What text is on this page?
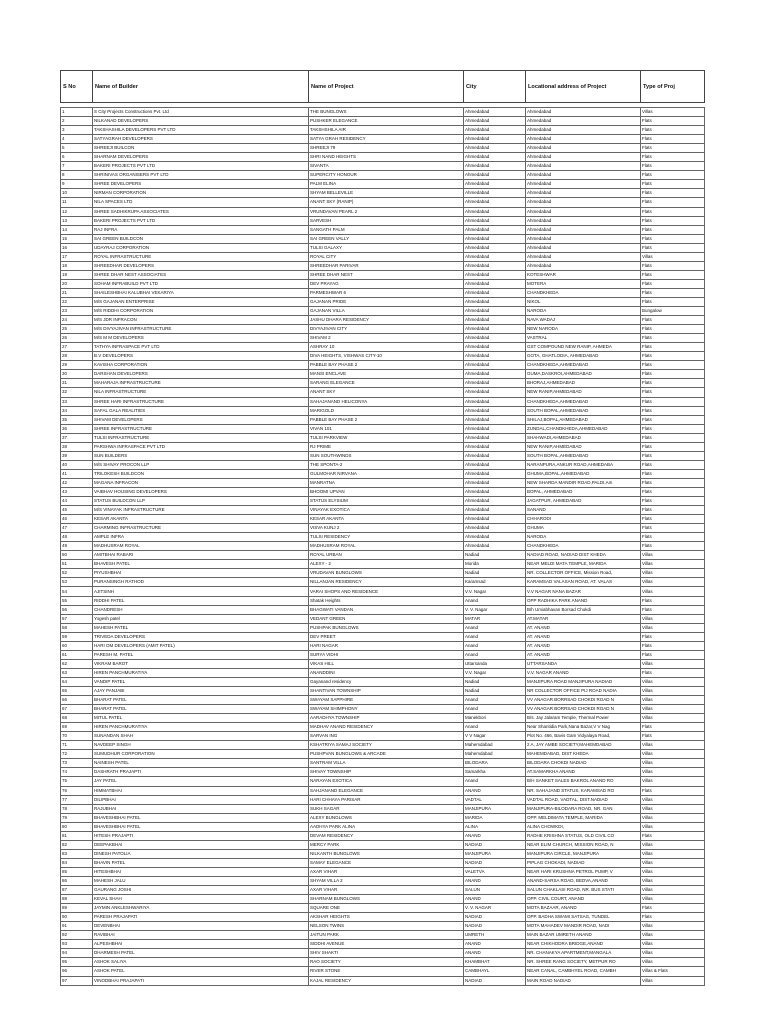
S No	Name of Builder	Name of Project	City	Locational address of Project	Type of Proj

1	S City Projects Constructions Pvt. Ltd	THE BUNGLOWS	Ahmedabad	Ahmedabad	Villas
2	NILKANAD DEVELOPERS	PUSHKER ELEGANCE	Ahmedabad	Ahmedabad	Flats
3	TAKSHASHILA DEVELOPERS PVT LTD	TAKSHSHILA AIR	Ahmedabad	Ahmedabad	Flats
4	SATYAGRAH DEVELOPERS	SATYA GRAH RESIDENCY	Ahmedabad	Ahmedabad	Flats
5	SHREEJI BUILCON	SHREEJI 79	Ahmedabad	Ahmedabad	Flats
6	SHARNAM DEVELOPERS	SHRI NAND HEIGHTS	Ahmedabad	Ahmedabad	Flats
7	BAKERI PROJECTS PVT LTD	SIVANTA	Ahmedabad	Ahmedabad	Flats
8	SHRINIVAS ORGANISERS PVT LTD	SUPERCITY HONOUR	Ahmedabad	Ahmedabad	Flats
9	SHREE DEVELOPERS	PALM ELINA	Ahmedabad	Ahmedabad	Flats
10	NIRMAN CORPORATION	SHYAM BELLEVILLE	Ahmedabad	Ahmedabad	Flats
11	NILA SPACES LTD	ANANT SKY (RANIP)	Ahmedabad	Ahmedabad	Flats
12	SHREE SADHIKRUPA ASSOCIATES	VRUNDAVAN PEARL 2	Ahmedabad	Ahmedabad	Flats
13	BAKERI PROJECTS PVT LTD	SARVESH	Ahmedabad	Ahmedabad	Flats
14	RAJ INFRA	SANGATH PALM	Ahmedabad	Ahmedabad	Flats
15	SAI GREEN BUILDCON	SAI GREEN VALLY	Ahmedabad	Ahmedabad	Flats
16	UDAYRAJ CORPORATION	TULSI GALAXY	Ahmedabad	Ahmedabad	Flats
17	ROYAL INFRASTRUCTURE	ROYAL CITY	Ahmedabad	Ahmedabad	Villas
18	SHREEDHAR DEVELOPERS	SHREEDHAR PARIVAR	Ahmedabad	Ahmedabad	Flats
19	SHREE DHAR NEST ASSOCIATES	SHREE DHAR NEST	Ahmedabad	KOTESHWAR	Flats
20	SOHAM INFRABUILD PVT LTD	DEV PRAYAG	Ahmedabad	MOTERA	Flats
21	SHAILESHBHAI KALUBHAI VEKARIYA	PARMESHWAR 6	Ahmedabad	CHANDKHEDA	Flats
22	M/S GAJANAN ENTERPRISE	GAJANAN PRIDE	Ahmedabad	NIKOL	Flats
23	M/S RIDDHI CORPORATION	GAJANAN VILLA	Ahmedabad	NARODA	Bungalow
24	M/S JDR INFRACON	JASHU DHARA RESIDENCY	Ahmedabad	NAVA WADAJ	Flats
25	M/S DIVYAJIVAN INFRASTRUCTURE	DIVYAJIVAN CITY	Ahmedabad	NEW NARODA	Flats
26	M/S M M DEVELOPERS	SHIVAM 2	Ahmedabad	VASTRAL	Flats
27	TATHYA INFRASPACE PVT LTD	ASHRAY 10	Ahmedabad	GST COMPOUND NEW RANIP, AHMEDA	Flats
28	B.V DEVELOPERS	DIVA HEIGHTS, VISHWAS CITY-10	Ahmedabad	GOTA, GHATLODIA, AHMEDABAD	Flats
29	KAVISHA CORPORATION	PABBLE BAY PHASE 2	Ahmedabad	CHANDKHEDA,AHMEDABAD	Flats
30	DARSHAN DEVELOPERS	MANSI ENCLAVE	Ahmedabad	GUMA,DASKROI,AHMEDABAD	Flats
31	MAHARAJA INFRASTRUCTURE	SARANG ELEGANCE	Ahmedabad	BHORAJ,AHMEDABAD	Flats
32	NILA INFRASTRUCTURE	ANANT SKY	Ahmedabad	NEW RANIP,AHMEDABAD	Flats
33	SHREE HARI INFRASTRUCTURE	SAHAJANAND HELICONYA	Ahmedabad	CHANDKHEDA,AHMEDABAD	Flats
34	SAFAL GALA REALITIES	MARIGOLD	Ahmedabad	SOUTH BOPAL,AHMEDABAD	Flats
35	SHIVAM DEVELOPERS	PABBLE BAY PHASE 2	Ahmedabad	SHILAJ,BOPAL,AHMEDABAD	Flats
36	SHREE INFRASTRUCTURE	VIVAN 101	Ahmedabad	ZUNDAL,CHANDKHEDA,AHMEDABAD	Flats
37	TULSI INFRASTRUCTURE	TULSI PARKVIEW	Ahmedabad	SHAHWADI,AHMEDABAD	Flats
38	PARSHWA INFRASPACE PVT LTD	RJ PRIME	Ahmedabad	NEW RANIP,AHMEDABAD	Flats
39	SUN BUILDERS	SUN SOUTHWINDS	Ahmedabad	SOUTH BOPAL,AHMEDABAD	Flats
40	M/S SHIVAY PROCON LLP	THE SPONTA-2	Ahmedabad	NARANPURA,ANKUR ROAD,AHMEDABA	Flats
41	TRILOKESH BUILDCON	GULMOHAR NIRVANA	Ahmedabad	GHUMA,BOPAL,AHMEDABAD	Flats
42	MAGANA INFRACON	MANRATNA	Ahmedabad	NEW SHARDA MANDIR ROAD,PALDI,Am	Flats
43	VAIBHAV HOUSING DEVELOPERS	BHOOMI UPVAN	Ahmedabad	BOPAL, AHMEDABAD	Flats
44	STATUS BUILDCON LLP	STATUS ELYSIUM	Ahmedabad	JAGATPUR, AHMEDABAD	Flats
45	M/S VINAYAK INFRASTRUCTURE	VINAYAK EXOTICA	Ahmedabad	SANAND	Flats
46	KESAR AKANTA	KESAR AKANTA	Ahmedabad	CHHARODI	Flats
47	CHARMING INFRASTRUCTURE	VISVA KUNJ 2	Ahmedabad	GHUMA	Flats
48	AMPLE INFRA	TULSI RESIDENCY	Ahmedabad	NARODA	Flats
49	MADHUSRAM ROYAL	MADHUSRAM ROYAL	Ahmedabad	CHANDKHEDA	Flats
50	AMITBHAI RABARI	ROYAL URBAN	Nadiad	NADIAD ROAD, NADIAD DIST KHEDA	Villas
51	BHAVESH PATEL	ALEXY - 2	Morida	NEAR MELDI MATA TEMPLE, MARIDA	Villas
52	PIYUSHBHAI	VRUDAVAN BUNGLOWS	Nadiad	NR. COLLECTOR OFFICE, Mission Road,	Villas
53	PURANSINGH RATHOD	NILLANJAN RESIDENCY	Karamsad	KARAMSAD VALASAN ROAD, AT. VALAS	Villas
54	AJITSINH	VARAI SHOPS AND RESIDENCE	V.V. Nagar	V.V NAGAR NANA BAZAR	Villas
55	RIDDHI PATEL	Shatak Heights	Anand	OPP RADHIKA PARK ANAND	Flats
56	CHANDRESH	BHAGWATI VANDAN	V. V. Nagar	B/h Umiabhavan Borsad Chokdi	Flats
57	Yogesh patel	VEDANT GREEN	MATAR	AT.MATAR	Villas
58	MAHESH PATEL	PUSHPAK BUNGLOWS	Anand	AT. ANAND	Villas
59	TRIVEDA DEVELOPERS	DEV PREET	Anand	AT. ANAND	Flats
60	HARI OM DEVELOPERS (AMIT PATEL)	HARI NAGAR	Anand	AT. ANAND	Flats
61	PARESH M. PATEL	SURYA VIDHI	Anand	AT. ANAND	Flats
62	VIKRAM BAROT	VIKAS HILL	Uttarsanda	UTTARSANDA	Villas
63	HIREN PANCHMURATIYA	ANANDDINI	V.V. Nagar	V.V. NAGAR ANAND	Flats
64	VANDIP PATEL	Gayanand residency	Nadiad	MANJIPURA ROAD MANJIPURA NADIAD	Villas
65	AJAY PANJABI	SHANTIVAN TOWNSHIP	Nadiad	NR COLLECTOR OFFICE PIJ ROAD NADIA	Villas
66	BHARAT PATEL	SWAYAM SAPPHIRE	Anand	VV ANAGAR BORRSAD CHOKDI ROAD N	Villas
67	BHARAT PATEL	SWAYAM SHIMPHONY	Anand	VV ANAGAR BORRSAD CHOKDI ROAD N	Villas
68	MITUL PATEL	AARADHYA TOWNSHIP	Manekbori	B/s. Jay Jalaram Temple, Thermal Power	Villas
69	HIREN PANCHMURATIYA	MADHAV ANAND RESIDENCY	Anand	Near Shantidia Park,Nana Bazar,V V Nag	Flats
70	SUNANDAN SHAH	SARVAN ING	V V Nagar	Plot No. 466, Bavis Gam Vidyalaya Road,	Flats
71	NAVDEEP SINGH	KSHATRIYA SAMAJ SOCIETY	Mahemdabad	2 A, JAY AMBE SOCIETY,MAHEMDABAD	Villas
72	SUMUDHUR CORPORATION	PUSHPVAN BUNGLOWS & ARCADE	Mahemdabad	MAHEMDABAD, DIST KHEDA	Villas
73	NAINESH PATEL	SANTRAM VILLA	BILODARA	BILODARA CHOKDI NADIAD	Villas
74	DASHRATH PRAJAPTI	SHIVAY TOWNSHIP	Samarkha	AT.SAMARKHA ANAND	Villas
75	JAY PATEL	NARAYAN EXOTICA	Anand	B/H SANKET SALES BAKROL ANAND RO	Villas
76	HIMMATBHAI	SAHJANAND ELEGANCE	ANAND	NR. SAHAJAND STATUS, KARAMSAD RO	Flats
77	DILIPBHAI	HARI CHHAYA PARISAR	VADTAL	VADTAL ROAD, VADTAL, DIST.NADIAD	Villas
78	RAJUBHAI	SUKH SAGAR	MANJIPURA	MANJIPURA-BILODARA ROAD, NR. GAN	Villas
79	BHAVESHBHAI PATEL	ALEXY BUNGLOWS	MARIDA	OPP. MELDIMATA TEMPLE, MARIDA	Villas
80	BHAVESHBHAI PATEL	AADHYA PARK ALINA	ALINA	ALINA CHOWKDI,	Villas
81	HITESH PRAJAPTI	DEVAM RESIDENCY	ANAND	RADHE KRISHNA STATUS, OLD CIVIL CO	Flats
82	DEEPAKBHAI	MERCY PARK	NADIAD	NEAR ELIM CHURCH, MISSION ROAD, N	Villas
83	DINESH PATOLIA	NILKANTH BUNGLOWS	MANJIPURA	MANJIPURA CIRCLE, MANJIPURA	Villas
84	BHAVIN PATEL	SAMAY ELEGANCE	NADIAD	PIPLAG CHOKADI, NADIAD	Villas
85	HITESHBHAI	AXAR VIHAR	VALETVA	NEAR HARI KRUSHNA PETROL PUMP, V	Villas
86	MAHESH JALU	SHYAM VILLA 2	ANAND	ANAND-SARSA ROAD, BEDVA,ANAND	Villas
87	GAURANG JOSHI	AXAR VIHAR	SALUN	SALUN CHAKLASI ROAD, NR. BUS STATI	Villas
88	KEVAL SHAH	SHARNAM BUNGLOWS	ANAND	OPP. CIVIL COURT, ANAND	Villas
89	JAYMIN ANKLESHWARIYA	SQUARE ONE	V. V. NAGAR	MOTA BAZAAR, ANAND	Flats
90	PARESH PRAJAPATI	AKSHAR HEIGHTS	NADIAD	OPP. BADHA SWAMI SATSAG, TUNDEL	Flats
91	DEVENBHAI	NELSON TWINS	NADIAD	MOTA MAHADEV MANDIR ROAD, NADI	Villas
92	RAVIBHAI	JAITUN PARK	UMRETH	MAIN BAZAR UMRETH ANAND	Villas
93	ALPESHBHAI	SIDDHI AVENUE	ANAND	NEAR CHIKHODRA BRIDGE,ANAND	Villas
94	DHARMESH PATEL	SHIV SHAKTI	ANAND	NR. CHANAKYA APARTMENT,MANGALA	Villas
95	ASHOK SALIYA	RAO SOCIETY	KHAMBHAT	NR. SHREE RANG SOCIETY, METPUR RO	Villas
96	ASHOK PATEL	RIVER STONE	CAMBHAYL	NEAR CANAL, CAMBHYEL ROAD, CAMBH	Villas & Flats
97	VINODBHAI PRAJAPATI	KAJAL RESIDENCY	NADIAD	MAIN ROAD NADIAD	Villas
